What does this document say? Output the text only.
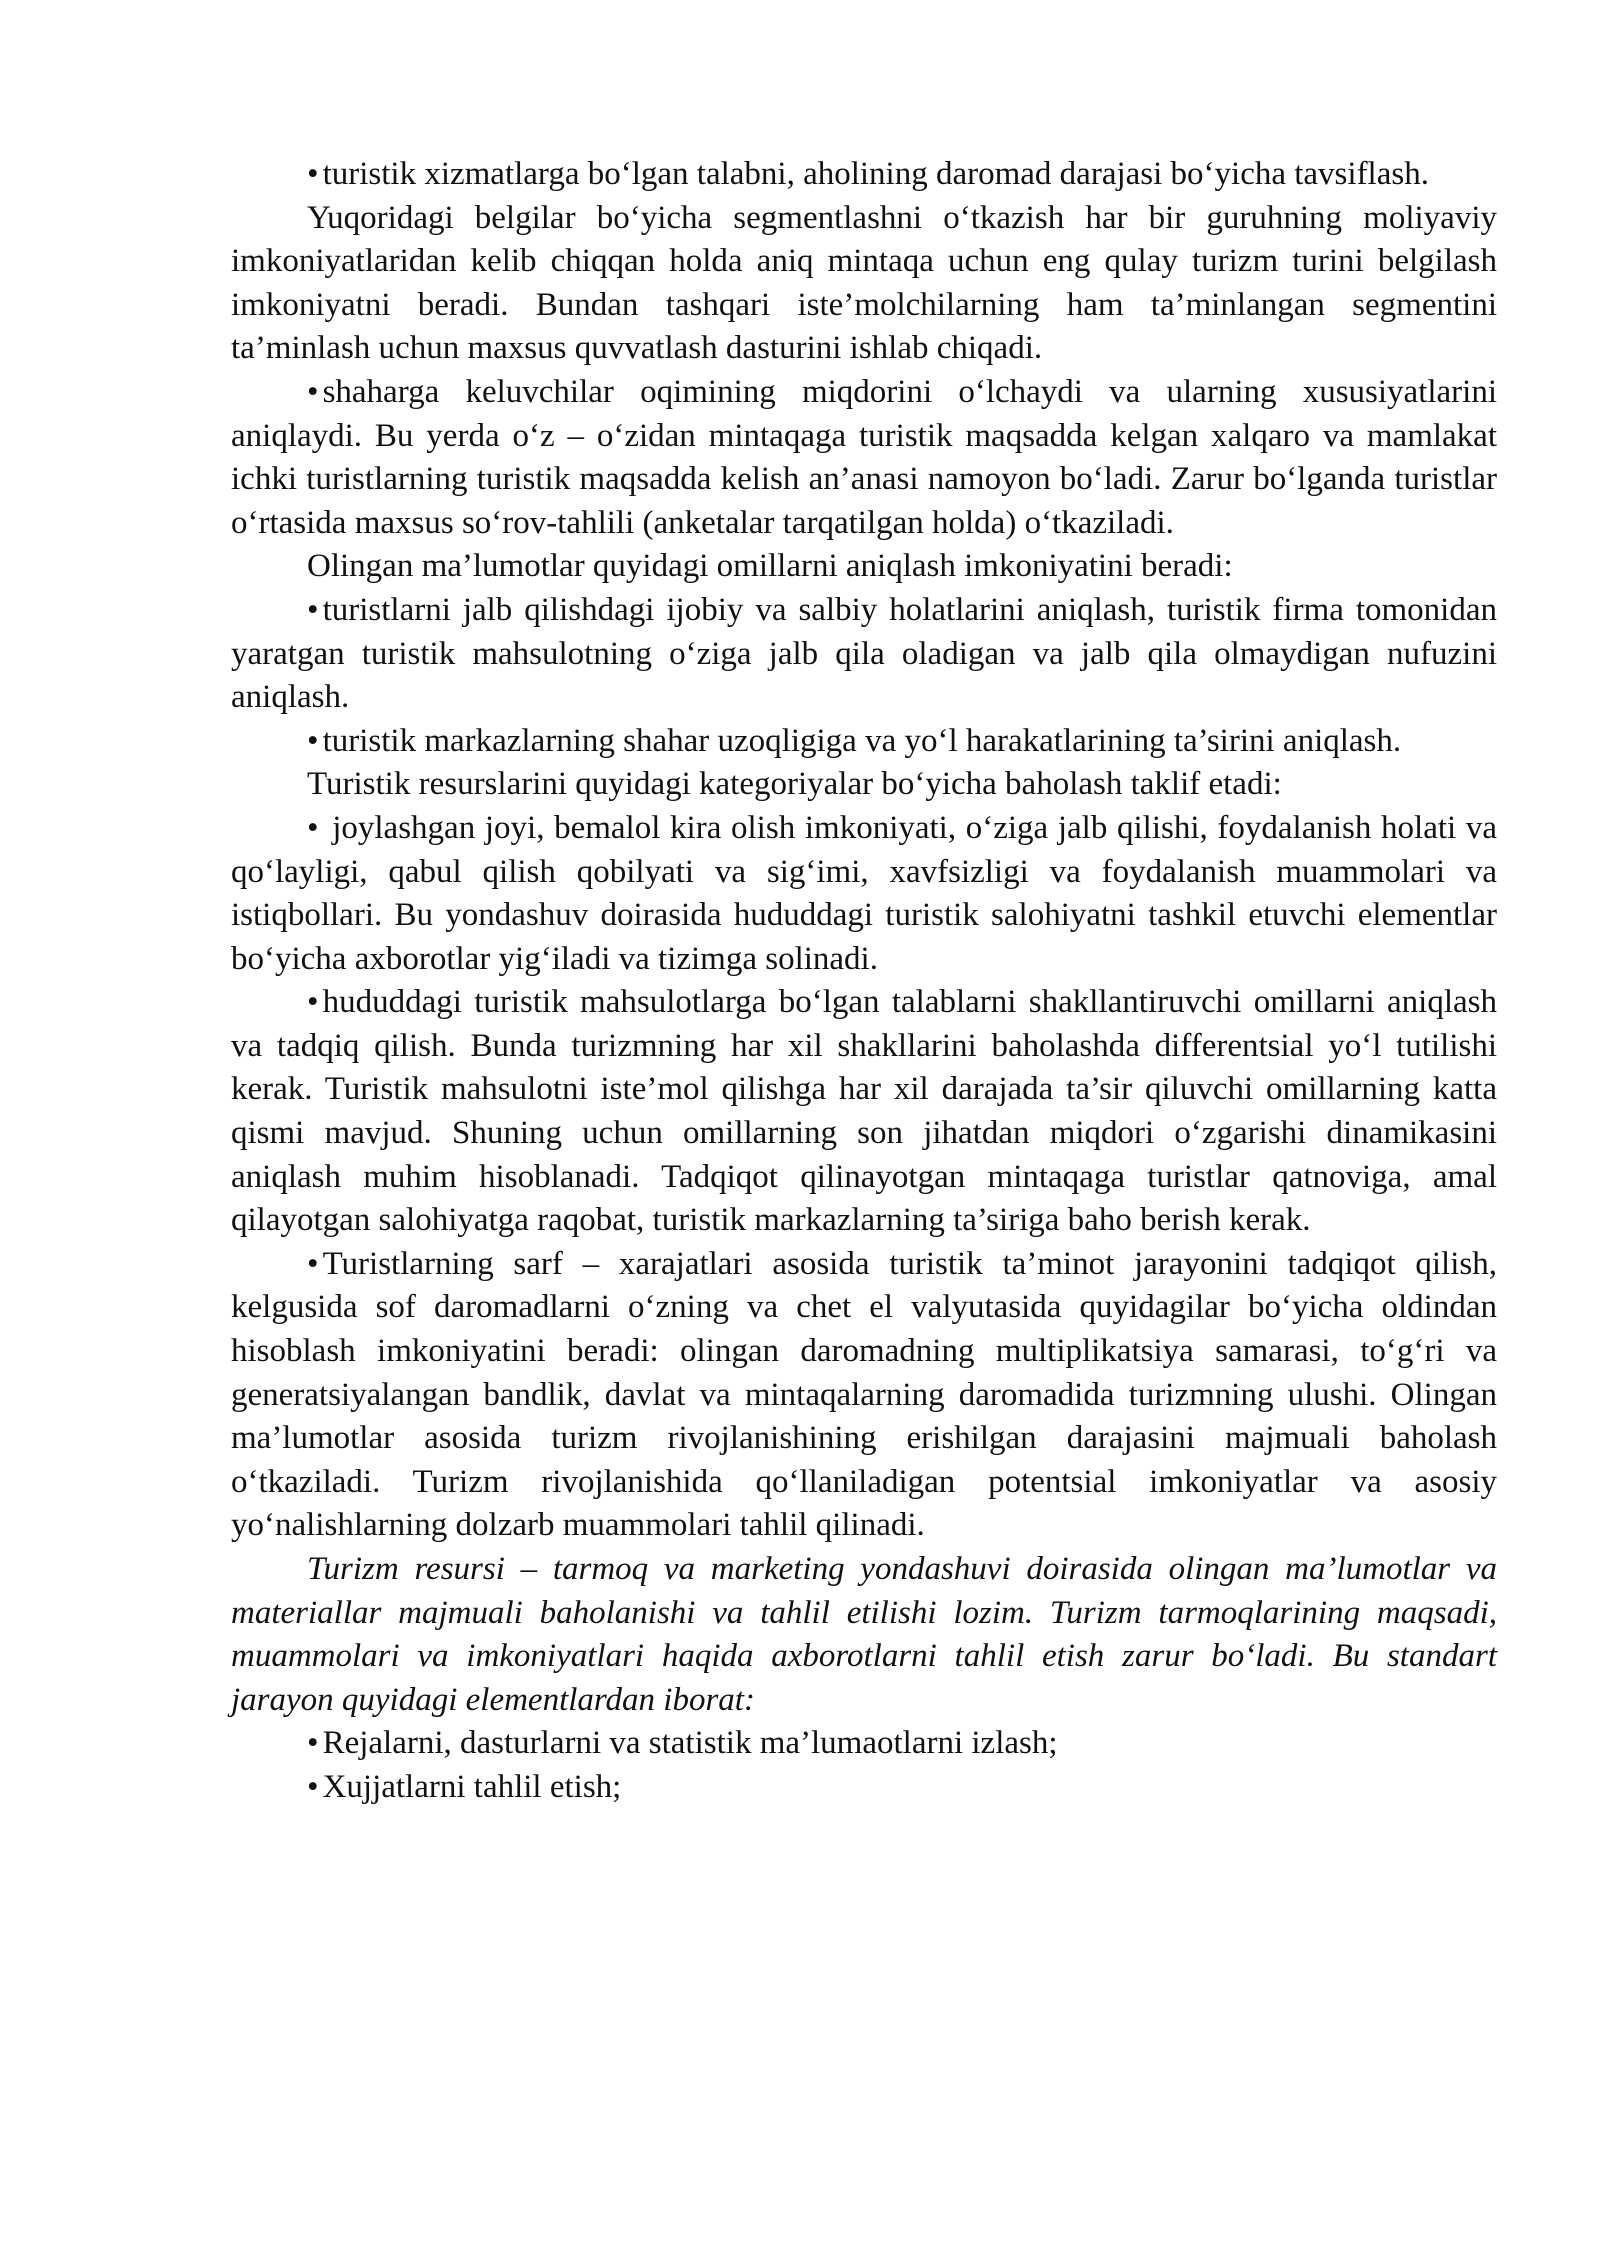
• turistik xizmatlarga bo‘lgan talabni, aholining daromad darajasi bo‘yicha tavsiflash.

Yuqoridagi belgilar bo‘yicha segmentlashni o‘tkazish har bir guruhning moliyaviy imkoniyatlaridan kelib chiqqan holda aniq mintaqa uchun eng qulay turizm turini belgilash imkoniyatni beradi. Bundan tashqari iste’molchilarning ham ta’minlangan segmentini ta’minlash uchun maxsus quvvatlash dasturini ishlab chiqadi.

• shaharga keluvchilar oqimining miqdorini o‘lchaydi va ularning xususiyatlarini aniqlaydi. Bu yerda o‘z – o‘zidan mintaqaga turistik maqsadda kelgan xalqaro va mamlakat ichki turistlarning turistik maqsadda kelish an’anasi namoyon bo‘ladi. Zarur bo‘lganda turistlar o‘rtasida maxsus so‘rov-tahlili (anketalar tarqatilgan holda) o‘tkaziladi.

Olingan ma’lumotlar quyidagi omillarni aniqlash imkoniyatini beradi:

• turistlarni jalb qilishdagi ijobiy va salbiy holatlarini aniqlash, turistik firma tomonidan yaratgan turistik mahsulotning o‘ziga jalb qila oladigan va jalb qila olmaydigan nufuzini aniqlash.

• turistik markazlarning shahar uzoqligiga va yo‘l harakatlarining ta’sirini aniqlash.

Turistik resurslarini quyidagi kategoriyalar bo‘yicha baholash taklif etadi:

• joylashgan joyi, bemalol kira olish imkoniyati, o‘ziga jalb qilishi, foydalanish holati va qo‘layligi, qabul qilish qobilyati va sig‘imi, xavfsizligi va foydalanish muammolari va istiqbollari. Bu yondashuv doirasida hududdagi turistik salohiyatni tashkil etuvchi elementlar bo‘yicha axborotlar yig‘iladi va tizimga solinadi.

• hududdagi turistik mahsulotlarga bo‘lgan talablarni shakllantiruvchi omillarni aniqlash va tadqiq qilish. Bunda turizmning har xil shakllarini baholashda differentsial yo‘l tutilishi kerak. Turistik mahsulotni iste’mol qilishga har xil darajada ta’sir qiluvchi omillarning katta qismi mavjud. Shuning uchun omillarning son jihatdan miqdori o‘zgarishi dinamikasini aniqlash muhim hisoblanadi. Tadqiqot qilinayotgan mintaqaga turistlar qatnoviga, amal qilayotgan salohiyatga raqobat, turistik markazlarning ta’siriga baho berish kerak.

• Turistlarning sarf – xarajatlari asosida turistik ta’minot jarayonini tadqiqot qilish, kelgusida sof daromadlarni o‘zning va chet el valyutasida quyidagilar bo‘yicha oldindan hisoblash imkoniyatini beradi: olingan daromadning multiplikatsiya samarasi, to‘g‘ri va generatsiyalangan bandlik, davlat va mintaqalarning daromadida turizmning ulushi. Olingan ma’lumotlar asosida turizm rivojlanishining erishilgan darajasini majmuali baholash o‘tkaziladi. Turizm rivojlanishida qo‘llaniladigan potentsial imkoniyatlar va asosiy yo‘nalishlarning dolzarb muammolari tahlil qilinadi.

Turizm resursi – tarmoq va marketing yondashuvi doirasida olingan ma’lumotlar va materiallar majmuali baholanishi va tahlil etilishi lozim. Turizm tarmoqlarining maqsadi, muammolari va imkoniyatlari haqida axborotlarni tahlil etish zarur bo‘ladi. Bu standart jarayon quyidagi elementlardan iborat:

• Rejalarni, dasturlarni va statistik ma’lumaotlarni izlash;

• Xujjatlarni tahlil etish;
